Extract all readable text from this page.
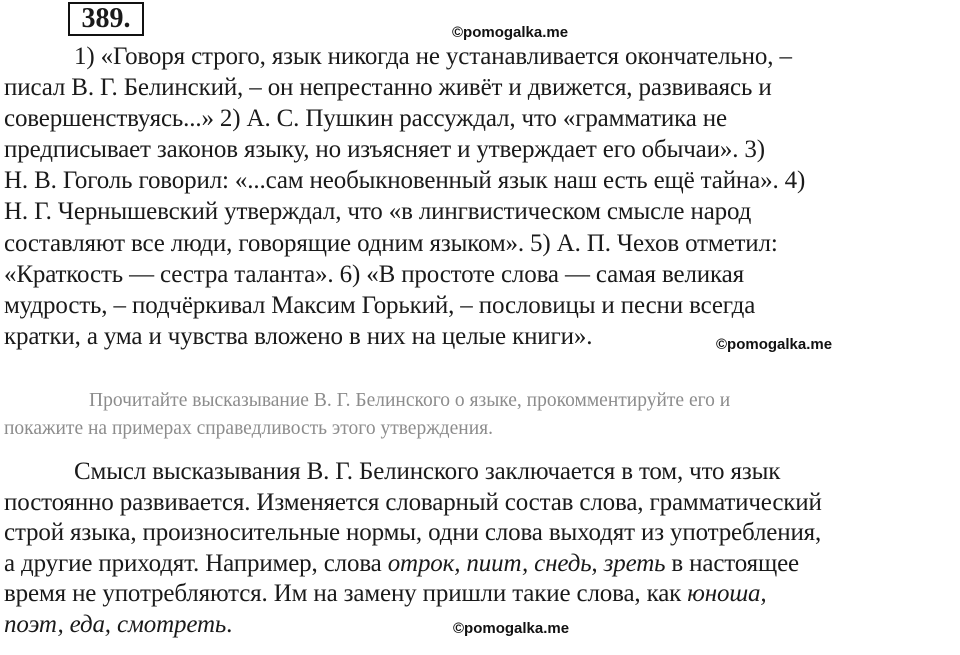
389.	©pomogalka.me
©pomogalka.me
©pomogalka.me
1) «Говоря строго, язык никогда не устанавливается окончательно, –
писал В. Г. Белинский, – он непрестанно живёт и движется, развиваясь и
совершенствуясь...» 2) А. С. Пушкин рассуждал, что «грамматика не
предписывает законов языку, но изъясняет и утверждает его обычаи». 3)
Н. В. Гоголь говорил: «...сам необыкновенный язык наш есть ещё тайна». 4)
Н. Г. Чернышевский утверждал, что «в лингвистическом смысле народ
составляют все люди, говорящие одним языком». 5) А. П. Чехов отметил:
«Краткость — сестра таланта». 6) «В простоте слова — самая великая
мудрость, – подчёркивал Максим Горький, – пословицы и песни всегда
кратки, а ума и чувства вложено в них на целые книги».
Прочитайте высказывание В. Г. Белинского о языке, прокомментируйте его и
покажите на примерах справедливость этого утверждения.
Смысл высказывания В. Г. Белинского заключается в том, что язык
постоянно развивается. Изменяется словарный состав слова, грамматический
строй языка, произносительные нормы, одни слова выходят из употребления,
а другие приходят. Например, слова отрок, пиит, снедь, зреть в настоящее
время не употребляются. Им на замену пришли такие слова, как юноша,
поэт, еда, смотреть.
